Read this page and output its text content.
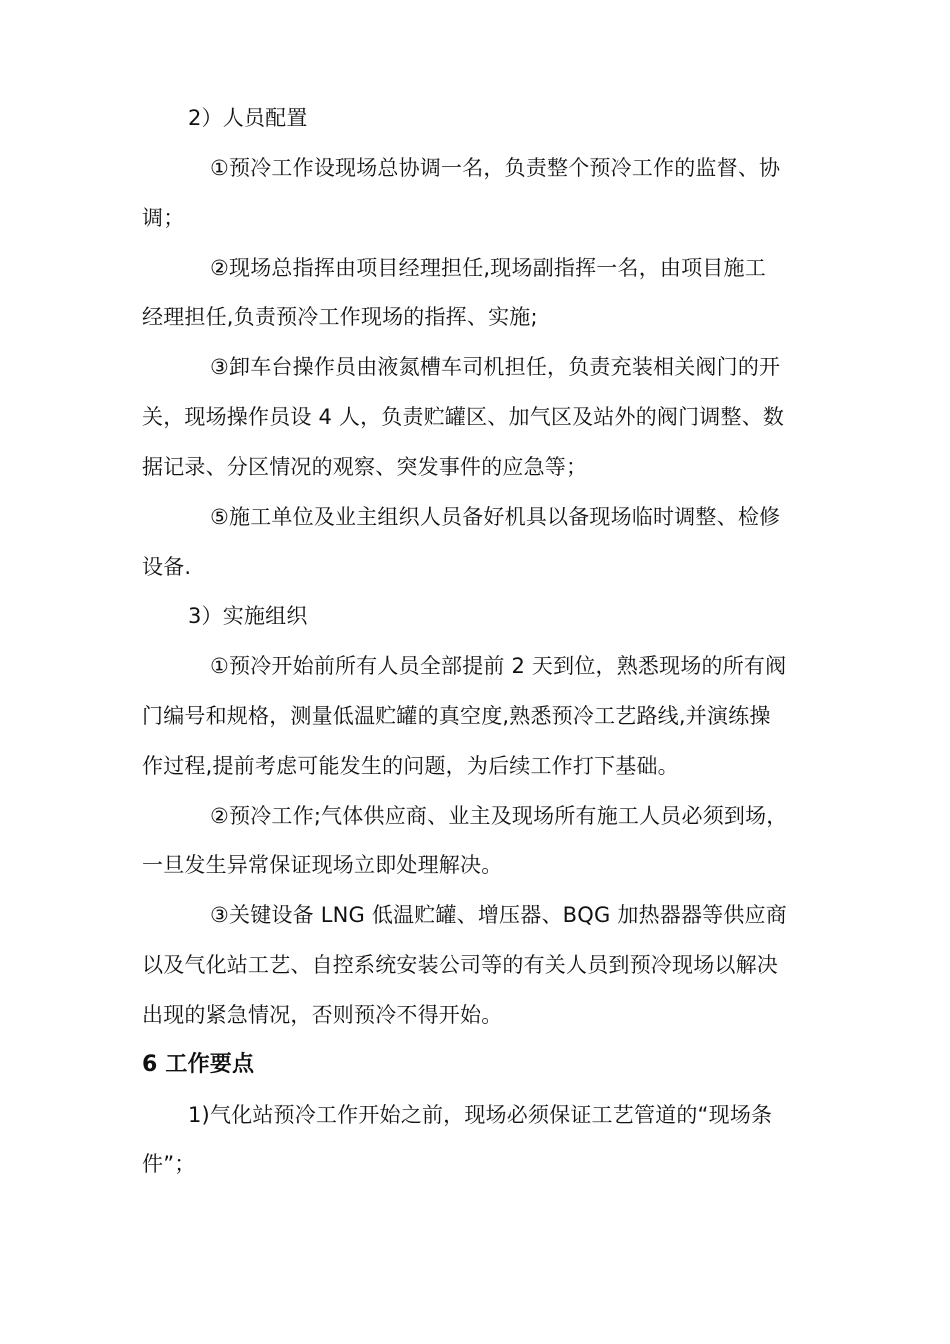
2）人员配置
①预冷工作设现场总协调一名，负责整个预冷工作的监督、协
调；
②现场总指挥由项目经理担任,现场副指挥一名，由项目施工
经理担任,负责预冷工作现场的指挥、实施;
③卸车台操作员由液氮槽车司机担任，负责充装相关阀门的开
关，现场操作员设 4 人，负责贮罐区、加气区及站外的阀门调整、数
据记录、分区情况的观察、突发事件的应急等；
⑤施工单位及业主组织人员备好机具以备现场临时调整、检修
设备.
3）实施组织
①预冷开始前所有人员全部提前 2 天到位，熟悉现场的所有阀
门编号和规格，测量低温贮罐的真空度,熟悉预冷工艺路线,并演练操
作过程,提前考虑可能发生的问题，为后续工作打下基础。
②预冷工作;气体供应商、业主及现场所有施工人员必须到场，
一旦发生异常保证现场立即处理解决。
③关键设备 LNG 低温贮罐、增压器、BQG 加热器器等供应商
以及气化站工艺、自控系统安装公司等的有关人员到预冷现场以解决
出现的紧急情况，否则预冷不得开始。
6 工作要点
1)气化站预冷工作开始之前，现场必须保证工艺管道的“现场条
件”；
